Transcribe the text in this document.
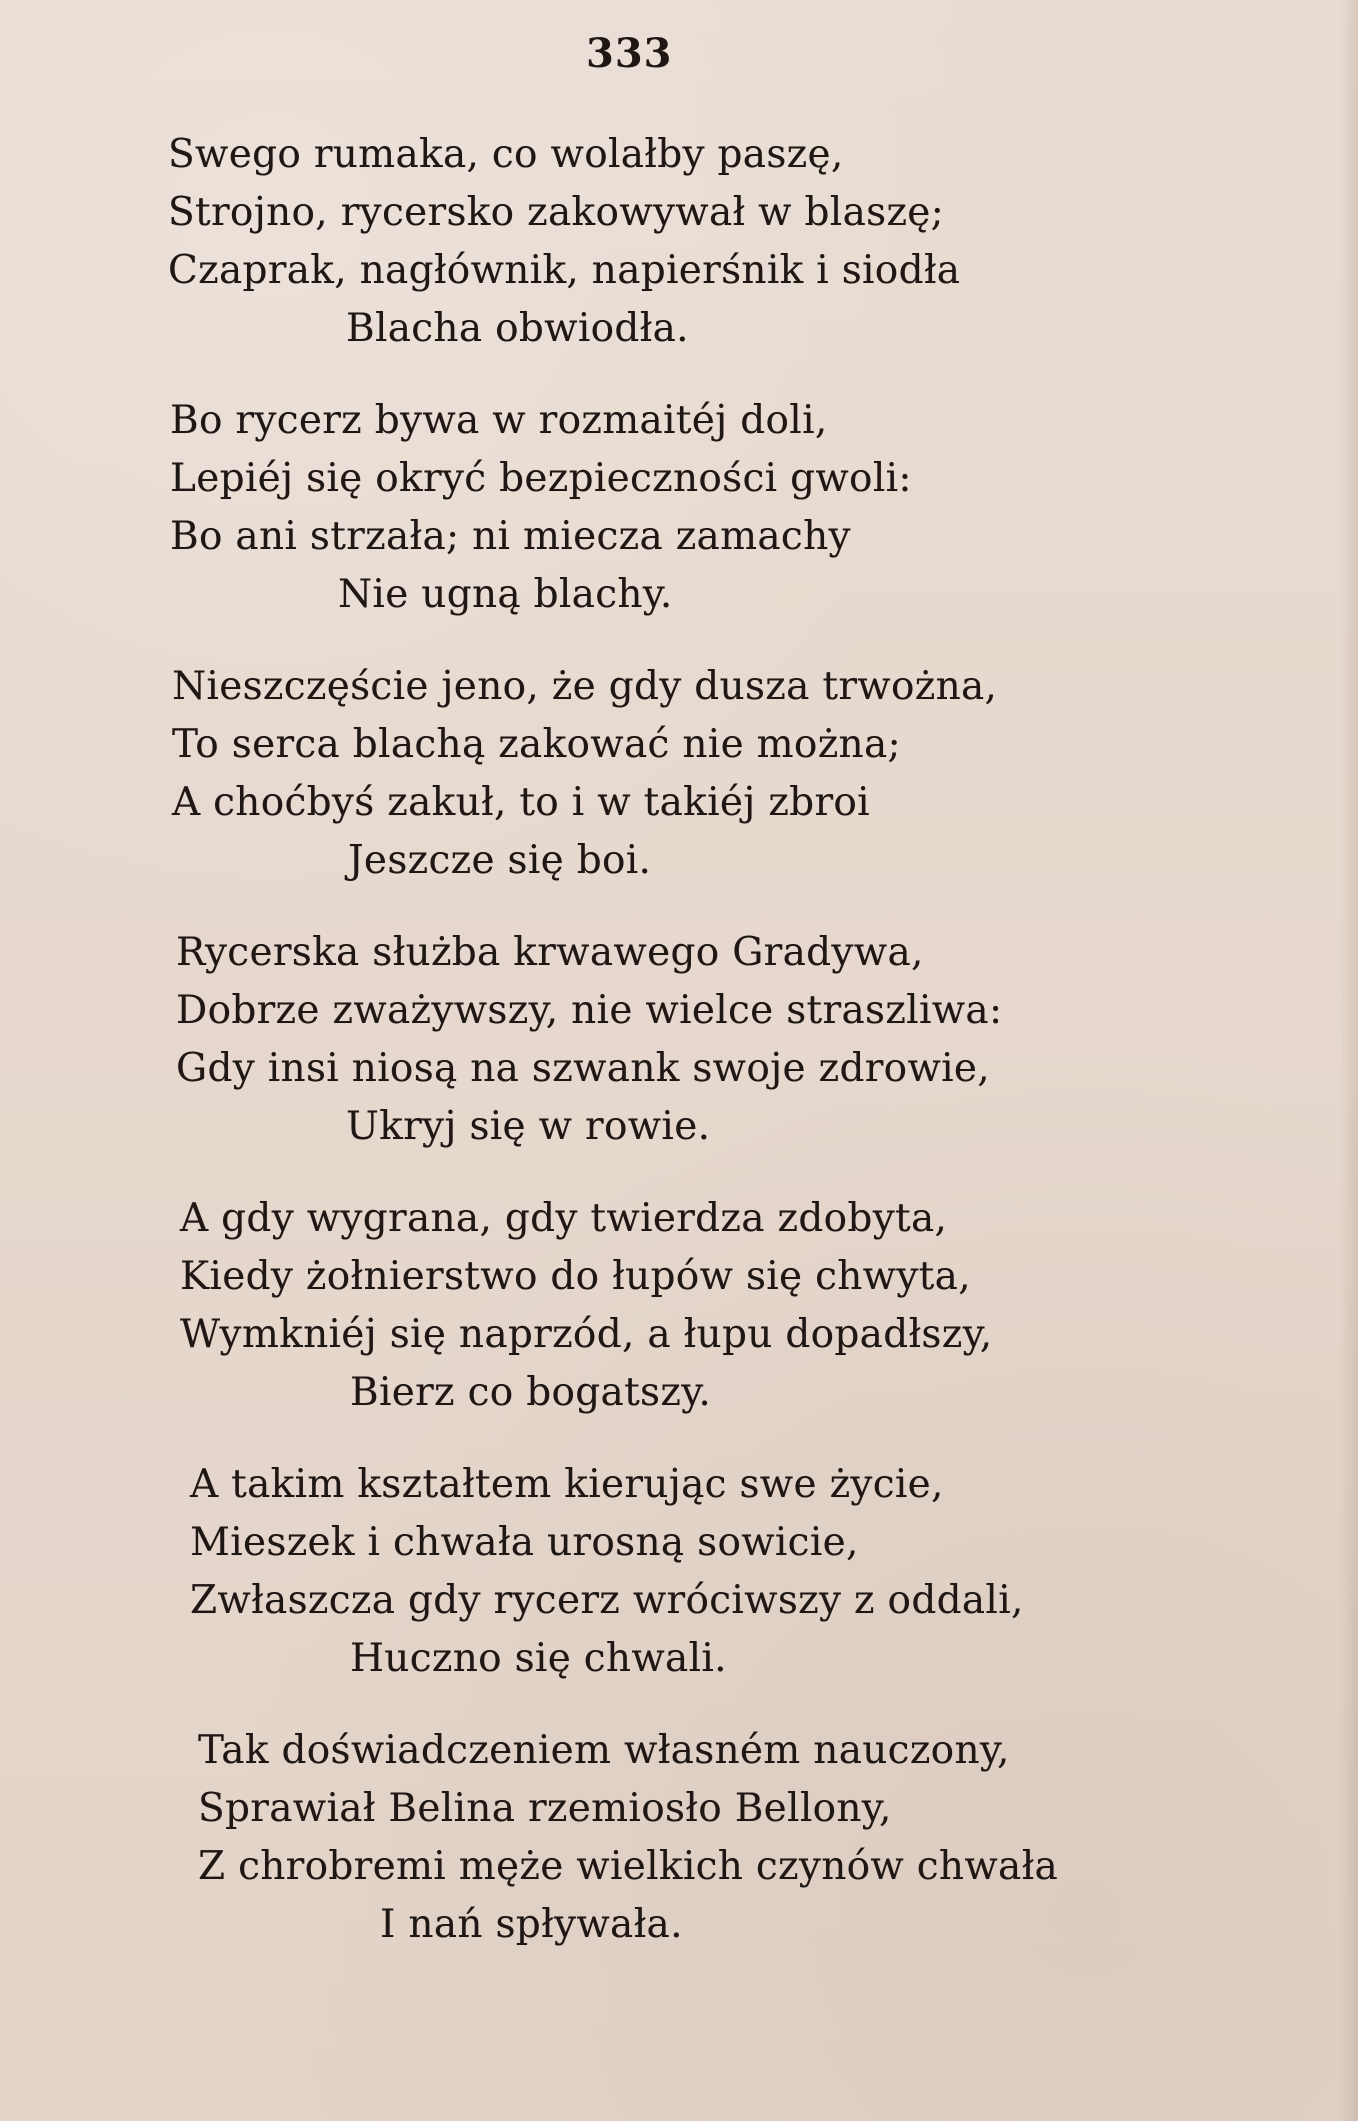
333
Swego rumaka, co wolałby paszę,
Strojno, rycersko zakowywał w blaszę;
Czaprak, nagłównik, napierśnik i siodła
Blacha obwiodła.
Bo rycerz bywa w rozmaitéj doli,
Lepiéj się okryć bezpieczności gwoli:
Bo ani strzała; ni miecza zamachy
Nie ugną blachy.
Nieszczęście jeno, że gdy dusza trwożna,
To serca blachą zakować nie można;
A choćbyś zakuł, to i w takiéj zbroi
Jeszcze się boi.
Rycerska służba krwawego Gradywa,
Dobrze zważywszy, nie wielce straszliwa:
Gdy insi niosą na szwank swoje zdrowie,
Ukryj się w rowie.
A gdy wygrana, gdy twierdza zdobyta,
Kiedy żołnierstwo do łupów się chwyta,
Wymkniéj się naprzód, a łupu dopadłszy,
Bierz co bogatszy.
A takim kształtem kierując swe życie,
Mieszek i chwała urosną sowicie,
Zwłaszcza gdy rycerz wróciwszy z oddali,
Huczno się chwali.
Tak doświadczeniem własném nauczony,
Sprawiał Belina rzemiosło Bellony,
Z chrobremi męże wielkich czynów chwała
I nań spływała.
